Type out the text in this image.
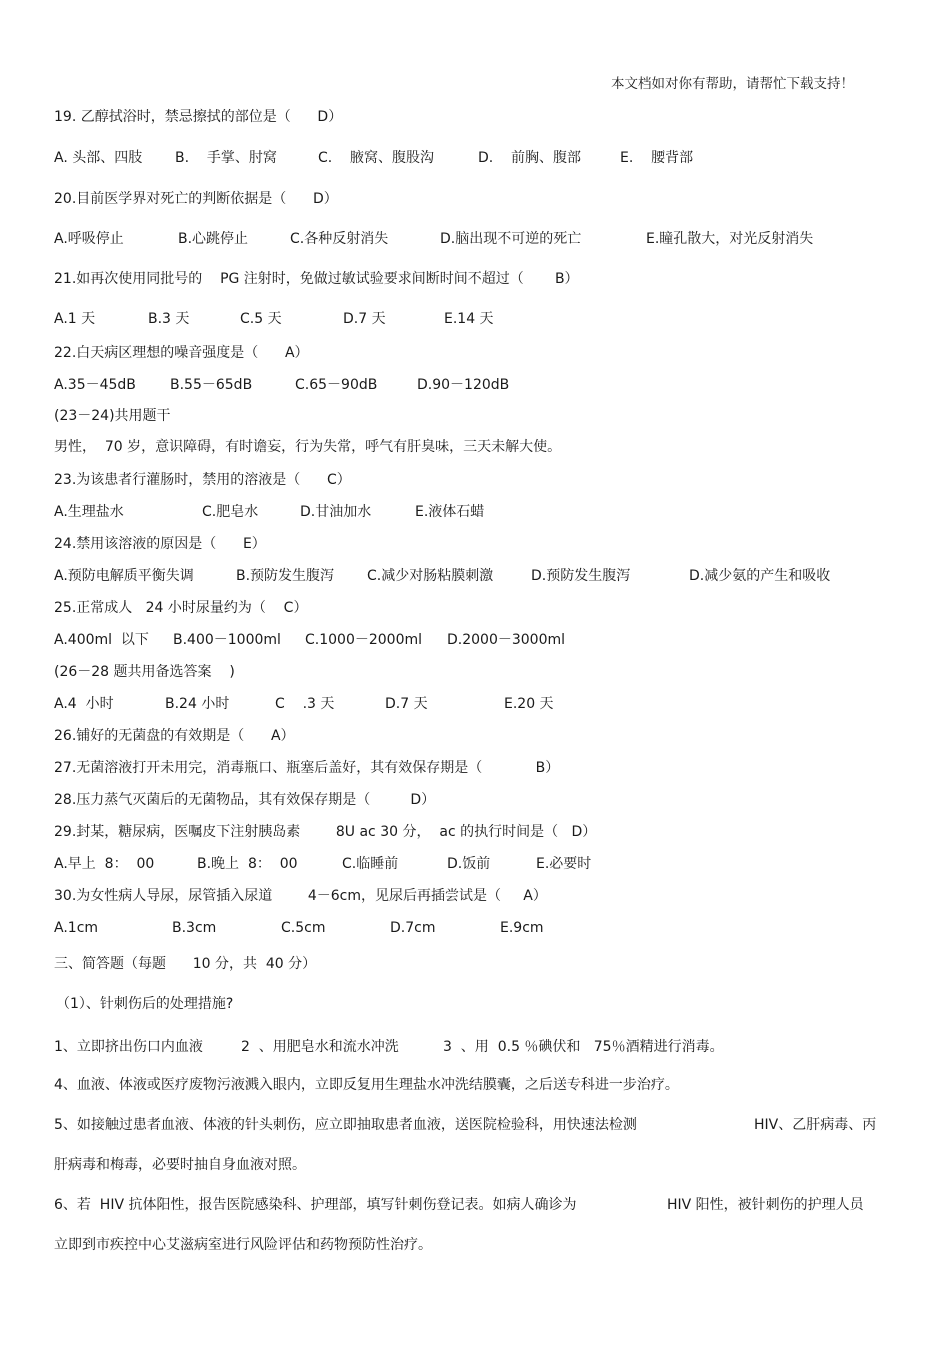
本文档如对你有帮助，请帮忙下载支持！
19. 乙醇拭浴时，禁忌擦拭的部位是（      D）
A. 头部、四肢 B.    手掌、肘窝	C.    腋窝、腹股沟	D.    前胸、腹部	E.    腰背部
20.目前医学界对死亡的判断依据是（      D）
A.呼吸停止	B.心跳停止	C.各种反射消失	D.脑出现不可逆的死亡	E.瞳孔散大，对光反射消失
21.如再次使用同批号的    PG 注射时，免做过敏试验要求间断时间不超过（       B）
A.1 天	B.3 天	C.5 天	D.7 天	E.14 天
22.白天病区理想的噪音强度是（      A）
A.35－45dB B.55－65dB	C.65－90dB	D.90－120dB
(23－24)共用题干
男性，  70 岁，意识障碍，有时谵妄，行为失常，呼气有肝臭味，三天未解大使。
23.为该患者行灌肠时，禁用的溶液是（      C）
A.生理盐水	C.肥皂水	D.甘油加水	E.液体石蜡
24.禁用该溶液的原因是（      E）
A.预防电解质平衡失调	B.预防发生腹泻 C.减少对肠粘膜刺激	D.预防发生腹泻	D.减少氨的产生和吸收
25.正常成人   24 小时尿量约为（    C）
A.400ml  以下 B.400－1000ml C.1000－2000ml D.2000－3000ml
(26－28 题共用备选答案    )
A.4  小时	B.24 小时	C    .3 天	D.7 天	E.20 天
26.铺好的无菌盘的有效期是（      A）
27.无菌溶液打开未用完，消毒瓶口、瓶塞后盖好，其有效保存期是（            B）
28.压力蒸气灭菌后的无菌物品，其有效保存期是（         D）
29.封某，糖尿病，医嘱皮下注射胰岛素        8U ac 30 分，  ac 的执行时间是（   D）
A.早上  8：  00	B.晚上  8：  00	C.临睡前	D.饭前	E.必要时
30.为女性病人导尿，尿管插入尿道        4－6cm，见尿后再插尝试是（     A）
A.1cm	B.3cm	C.5cm	D.7cm	E.9cm
三、简答题（每题      10 分，共  40 分）
（1）、针刺伤后的处理措施?
1、立即挤出伤口内血液	2  、用肥皂水和流水冲洗	3  、用  0.5 ％碘伏和   75％酒精进行消毒。
4、血液、体液或医疗废物污液溅入眼内，立即反复用生理盐水冲洗结膜囊，之后送专科进一步治疗。
5、如接触过患者血液、体液的针头刺伤，应立即抽取患者血液，送医院检验科，用快速法检测	HIV、乙肝病毒、丙
肝病毒和梅毒，必要时抽自身血液对照。
6、若  HIV 抗体阳性，报告医院感染科、护理部，填写针刺伤登记表。如病人确诊为	HIV 阳性，被针刺伤的护理人员
立即到市疾控中心艾滋病室进行风险评估和药物预防性治疗。
